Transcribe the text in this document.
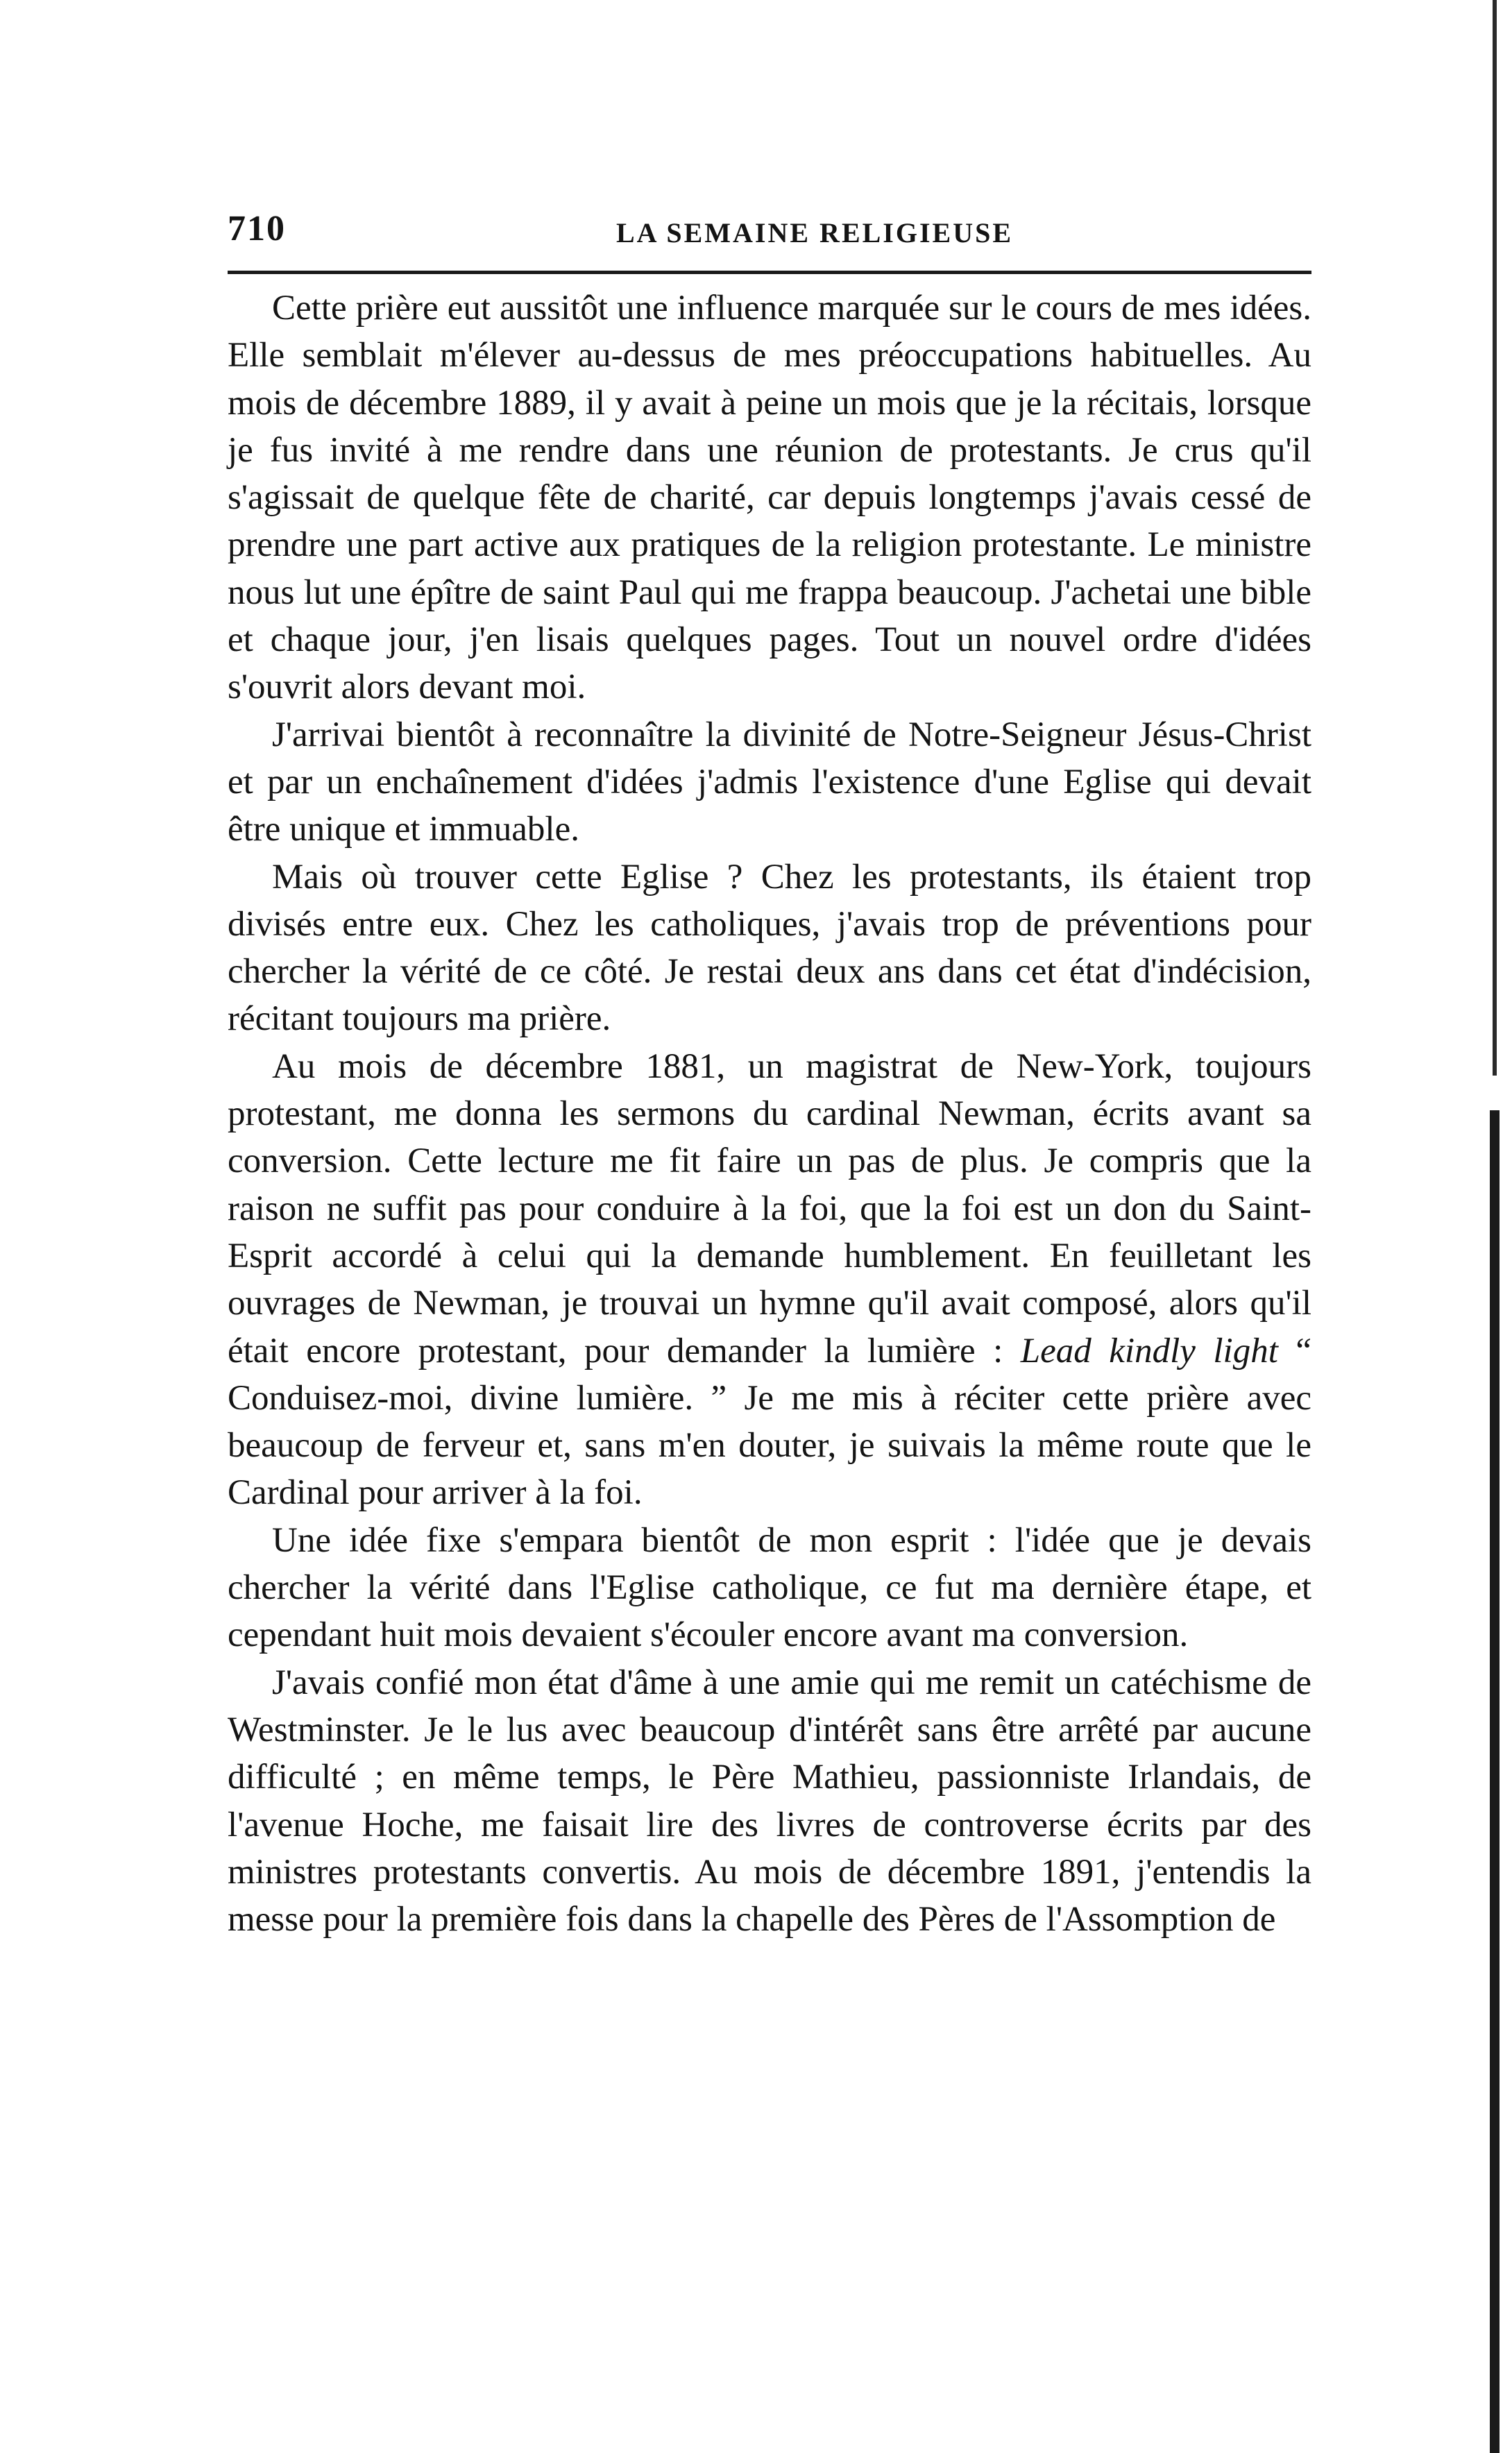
710	LA SEMAINE RELIGIEUSE

Cette prière eut aussitôt une influence marquée sur le cours de mes idées. Elle semblait m'élever au-dessus de mes préoccupations habituelles. Au mois de décembre 1889, il y avait à peine un mois que je la récitais, lorsque je fus invité à me rendre dans une réunion de protestants. Je crus qu'il s'agissait de quelque fête de charité, car depuis longtemps j'avais cessé de prendre une part active aux pratiques de la religion protestante. Le ministre nous lut une épître de saint Paul qui me frappa beaucoup. J'achetai une bible et chaque jour, j'en lisais quelques pages. Tout un nouvel ordre d'idées s'ouvrit alors devant moi.

J'arrivai bientôt à reconnaître la divinité de Notre-Seigneur Jésus-Christ et par un enchaînement d'idées j'admis l'existence d'une Eglise qui devait être unique et immuable.

Mais où trouver cette Eglise ? Chez les protestants, ils étaient trop divisés entre eux. Chez les catholiques, j'avais trop de préventions pour chercher la vérité de ce côté. Je restai deux ans dans cet état d'indécision, récitant toujours ma prière.

Au mois de décembre 1881, un magistrat de New-York, toujours protestant, me donna les sermons du cardinal Newman, écrits avant sa conversion. Cette lecture me fit faire un pas de plus. Je compris que la raison ne suffit pas pour conduire à la foi, que la foi est un don du Saint-Esprit accordé à celui qui la demande humblement. En feuilletant les ouvrages de Newman, je trouvai un hymne qu'il avait composé, alors qu'il était encore protestant, pour demander la lumière : Lead kindly light “ Conduisez-moi, divine lumière. ” Je me mis à réciter cette prière avec beaucoup de ferveur et, sans m'en douter, je suivais la même route que le Cardinal pour arriver à la foi.

Une idée fixe s'empara bientôt de mon esprit : l'idée que je devais chercher la vérité dans l'Eglise catholique, ce fut ma dernière étape, et cependant huit mois devaient s'écouler encore avant ma conversion.

J'avais confié mon état d'âme à une amie qui me remit un catéchisme de Westminster. Je le lus avec beaucoup d'intérêt sans être arrêté par aucune difficulté ; en même temps, le Père Mathieu, passionniste Irlandais, de l'avenue Hoche, me faisait lire des livres de controverse écrits par des ministres protestants convertis. Au mois de décembre 1891, j'entendis la messe pour la première fois dans la chapelle des Pères de l'Assomption de
